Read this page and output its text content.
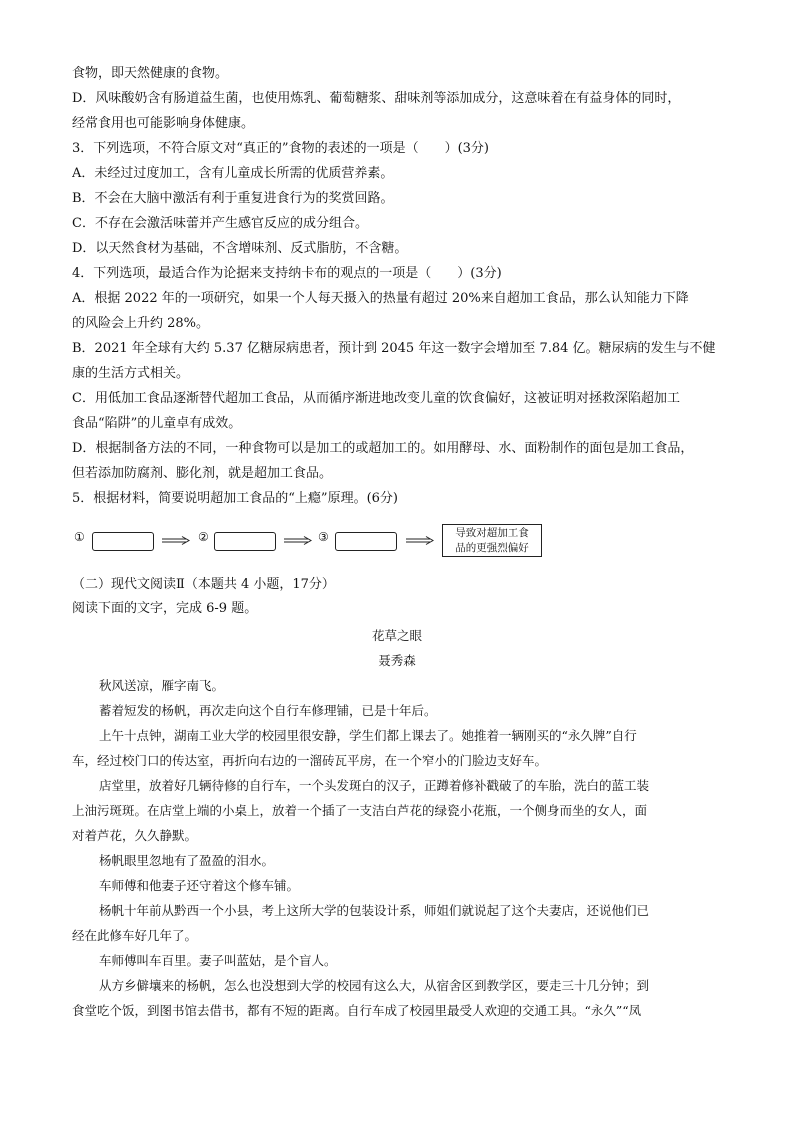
食物，即天然健康的食物。
D．风味酸奶含有肠道益生菌，也使用炼乳、葡萄糖浆、甜味剂等添加成分，这意味着在有益身体的同时，
经常食用也可能影响身体健康。
3．下列选项，不符合原文对“真正的”食物的表述的一项是（　　）(3分)
A．未经过过度加工，含有儿童成长所需的优质营养素。
B．不会在大脑中激活有利于重复进食行为的奖赏回路。
C．不存在会激活味蕾并产生感官反应的成分组合。
D．以天然食材为基础，不含增味剂、反式脂肪，不含糖。
4．下列选项，最适合作为论据来支持纳卡布的观点的一项是（　　）(3分)
A．根据 2022 年的一项研究，如果一个人每天摄入的热量有超过 20%来自超加工食品，那么认知能力下降
的风险会上升约 28%。
B．2021 年全球有大约 5.37 亿糖尿病患者，预计到 2045 年这一数字会增加至 7.84 亿。糖尿病的发生与不健
康的生活方式相关。
C．用低加工食品逐渐替代超加工食品，从而循序渐进地改变儿童的饮食偏好，这被证明对拯救深陷超加工
食品“陷阱”的儿童卓有成效。
D．根据制备方法的不同，一种食物可以是加工的或超加工的。如用酵母、水、面粉制作的面包是加工食品，
但若添加防腐剂、膨化剂，就是超加工食品。
5．根据材料，简要说明超加工食品的“上瘾”原理。(6分)
①	②	③	导致对超加工食
品的更强烈偏好
（二）现代文阅读Ⅱ（本题共 4 小题，17分）
阅读下面的文字，完成 6-9 题。
花草之眼
聂秀森
秋风送凉，雁字南飞。
蓄着短发的杨帆，再次走向这个自行车修理铺，已是十年后。
上午十点钟，湖南工业大学的校园里很安静，学生们都上课去了。她推着一辆刚买的“永久牌”自行
车，经过校门口的传达室，再折向右边的一溜砖瓦平房，在一个窄小的门脸边支好车。
店堂里，放着好几辆待修的自行车，一个头发斑白的汉子，正蹲着修补戳破了的车胎，洗白的蓝工装
上油污斑斑。在店堂上端的小桌上，放着一个插了一支洁白芦花的绿瓷小花瓶，一个侧身而坐的女人，面
对着芦花，久久静默。
杨帆眼里忽地有了盈盈的泪水。
车师傅和他妻子还守着这个修车铺。
杨帆十年前从黔西一个小县，考上这所大学的包装设计系，师姐们就说起了这个夫妻店，还说他们已
经在此修车好几年了。
车师傅叫车百里。妻子叫蓝姑，是个盲人。
从方乡僻壤来的杨帆，怎么也没想到大学的校园有这么大，从宿舍区到教学区，要走三十几分钟；到
食堂吃个饭，到图书馆去借书，都有不短的距离。自行车成了校园里最受人欢迎的交通工具。“永久”“凤
